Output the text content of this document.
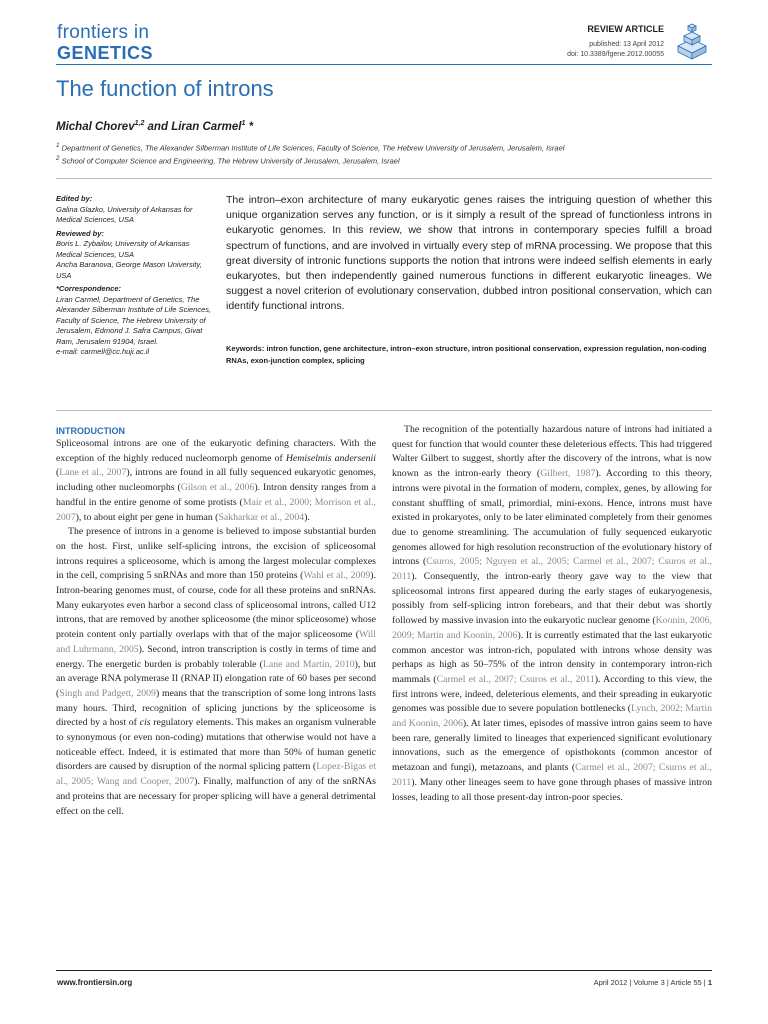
frontiers in
GENETICS
REVIEW ARTICLE
published: 13 April 2012
doi: 10.3389/fgene.2012.00055
The function of introns
Michal Chorev$^{1,2}$ and Liran Carmel$^1$ *
$^1$ Department of Genetics, The Alexander Silberman Institute of Life Sciences, Faculty of Science, The Hebrew University of Jerusalem, Jerusalem, Israel
$^2$ School of Computer Science and Engineering, The Hebrew University of Jerusalem, Jerusalem, Israel
Edited by:
Galina Glazko, University of Arkansas for Medical Sciences, USA
Reviewed by:
Boris L. Zybailov, University of Arkansas Medical Sciences, USA
Ancha Baranova, George Mason University, USA
*Correspondence:
Liran Carmel, Department of Genetics, The Alexander Silberman Institute of Life Sciences, Faculty of Science, The Hebrew University of Jerusalem, Edmond J. Safra Campus, Givat Ram, Jerusalem 91904, Israel.
e-mail: carmell@cc.huji.ac.il
The intron–exon architecture of many eukaryotic genes raises the intriguing question of whether this unique organization serves any function, or is it simply a result of the spread of functionless introns in eukaryotic genomes. In this review, we show that introns in contemporary species fulfill a broad spectrum of functions, and are involved in virtually every step of mRNA processing. We propose that this great diversity of intronic functions supports the notion that introns were indeed selfish elements in early eukaryotes, but then independently gained numerous functions in different eukaryotic lineages. We suggest a novel criterion of evolutionary conservation, dubbed intron positional conservation, which can identify functional introns.
Keywords: intron function, gene architecture, intron–exon structure, intron positional conservation, expression regulation, non-coding RNAs, exon-junction complex, splicing
INTRODUCTION

Spliceosomal introns are one of the eukaryotic defining characters. With the exception of the highly reduced nucleomorph genome of Hemiselmis andersenii (Lane et al., 2007), introns are found in all fully sequenced eukaryotic genomes, including other nucleomorphs (Gilson et al., 2006). Intron density ranges from a handful in the entire genome of some protists (Mair et al., 2000; Morrison et al., 2007), to about eight per gene in human (Sakharkar et al., 2004).

The presence of introns in a genome is believed to impose substantial burden on the host. First, unlike self-splicing introns, the excision of spliceosomal introns requires a spliceosome, which is among the largest molecular complexes in the cell, comprising 5 snRNAs and more than 150 proteins (Wahl et al., 2009). Intron-bearing genomes must, of course, code for all these proteins and snRNAs. Many eukaryotes even harbor a second class of spliceosomal introns, called U12 introns, that are removed by another spliceosome (the minor spliceosome) whose protein content only partially overlaps with that of the major spliceosome (Will and Luhrmann, 2005). Second, intron transcription is costly in terms of time and energy. The energetic burden is probably tolerable (Lane and Martin, 2010), but an average RNA polymerase II (RNAP II) elongation rate of 60 bases per second (Singh and Padgett, 2009) means that the transcription of some long introns lasts many hours. Third, recognition of splicing junctions by the spliceosome is directed by a host of cis regulatory elements. This makes an organism vulnerable to synonymous (or even non-coding) mutations that otherwise would not have a noticeable effect. Indeed, it is estimated that more than 50% of human genetic disorders are caused by disruption of the normal splicing pattern (Lopez-Bigas et al., 2005; Wang and Cooper, 2007). Finally, malfunction of any of the snRNAs and proteins that are necessary for proper splicing will have a general detrimental effect on the cell.

The recognition of the potentially hazardous nature of introns had initiated a quest for function that would counter these deleterious effects. This had triggered Walter Gilbert to suggest, shortly after the discovery of the introns, what is now known as the intron-early theory (Gilbert, 1987). According to this theory, introns were pivotal in the formation of modern, complex, genes, by allowing for constant shuffling of small, primordial, mini-exons. Hence, introns must have existed in prokaryotes, only to be later eliminated completely from their genomes due to genome streamlining. The accumulation of fully sequenced eukaryotic genomes allowed for high resolution reconstruction of the evolutionary history of introns (Csuros, 2005; Nguyen et al., 2005; Carmel et al., 2007; Csuros et al., 2011). Consequently, the intron-early theory gave way to the view that spliceosomal introns first appeared during the early stages of eukaryogenesis, possibly from self-splicing intron forebears, and that their debut was shortly followed by massive invasion into the eukaryotic nuclear genome (Koonin, 2006, 2009; Martin and Koonin, 2006). It is currently estimated that the last eukaryotic common ancestor was intron-rich, populated with introns whose density was perhaps as high as 50–75% of the intron density in contemporary intron-rich mammals (Carmel et al., 2007; Csuros et al., 2011). According to this view, the first introns were, indeed, deleterious elements, and their spreading in eukaryotic genomes was possible due to severe population bottlenecks (Lynch, 2002; Martin and Koonin, 2006). At later times, episodes of massive intron gains seem to have been rare, generally limited to lineages that experienced significant evolutionary innovations, such as the emergence of opisthokonts (common ancestor of metazoan and fungi), metazoans, and plants (Carmel et al., 2007; Csuros et al., 2011). Many other lineages seem to have gone through phases of massive intron losses, leading to all those present-day intron-poor species.

www.frontiersin.org	April 2012 | Volume 3 | Article 55 | 1
